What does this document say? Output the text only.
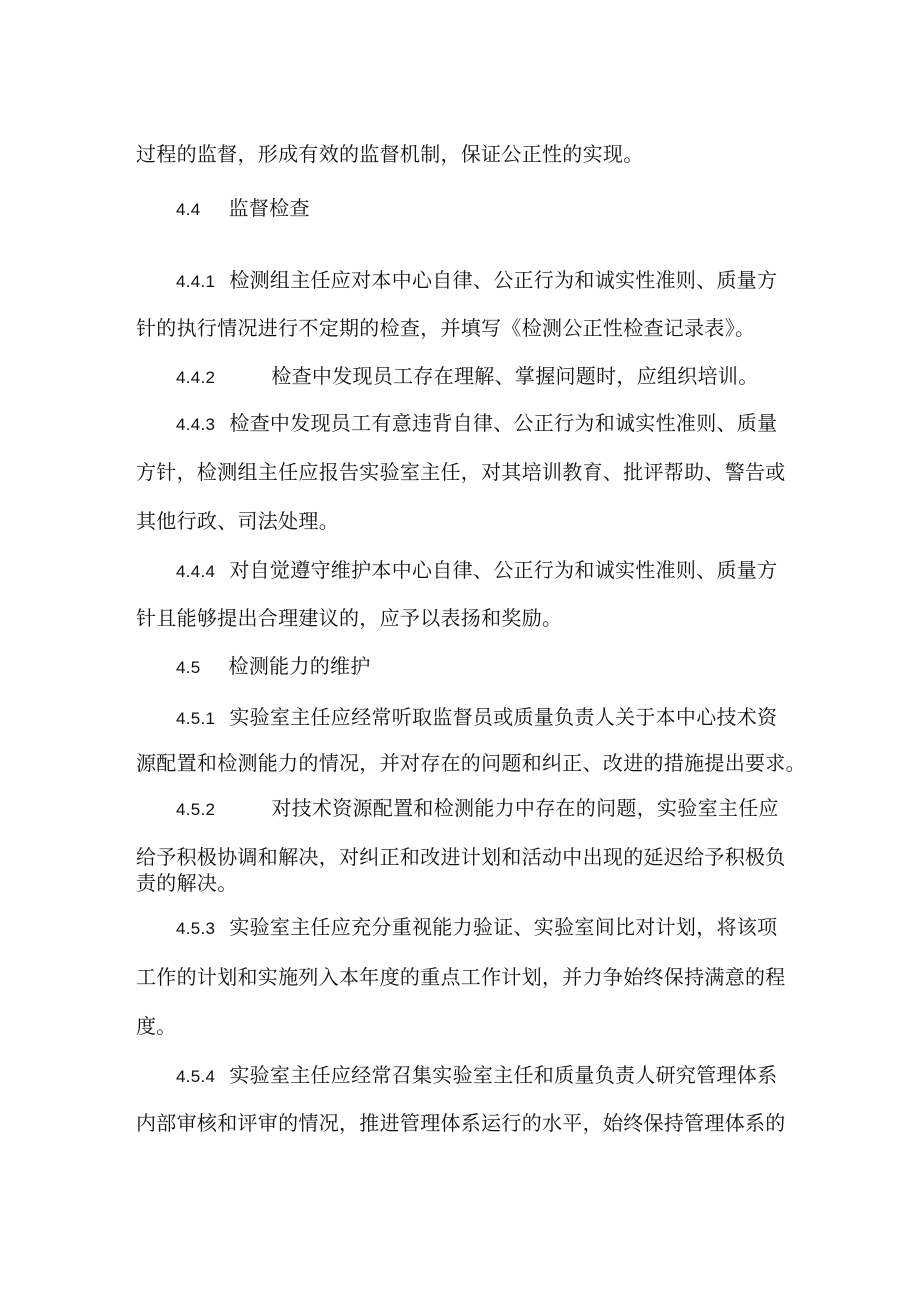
过程的监督，形成有效的监督机制，保证公正性的实现。
4.4 监督检查
4.4.1 检测组主任应对本中心自律、公正行为和诚实性准则、质量方
针的执行情况进行不定期的检查，并填写《检测公正性检查记录表》。
4.4.2	检查中发现员工存在理解、掌握问题时，应组织培训。
4.4.3 检查中发现员工有意违背自律、公正行为和诚实性准则、质量
方针，检测组主任应报告实验室主任，对其培训教育、批评帮助、警告或
其他行政、司法处理。
4.4.4 对自觉遵守维护本中心自律、公正行为和诚实性准则、质量方
针且能够提出合理建议的，应予以表扬和奖励。
4.5 检测能力的维护
4.5.1 实验室主任应经常听取监督员或质量负责人关于本中心技术资
源配置和检测能力的情况，并对存在的问题和纠正、改进的措施提出要求。
4.5.2	对技术资源配置和检测能力中存在的问题，实验室主任应
给予积极协调和解决，对纠正和改进计划和活动中出现的延迟给予积极负
责的解决。
4.5.3 实验室主任应充分重视能力验证、实验室间比对计划，将该项
工作的计划和实施列入本年度的重点工作计划，并力争始终保持满意的程
度。
4.5.4 实验室主任应经常召集实验室主任和质量负责人研究管理体系
内部审核和评审的情况，推进管理体系运行的水平，始终保持管理体系的
